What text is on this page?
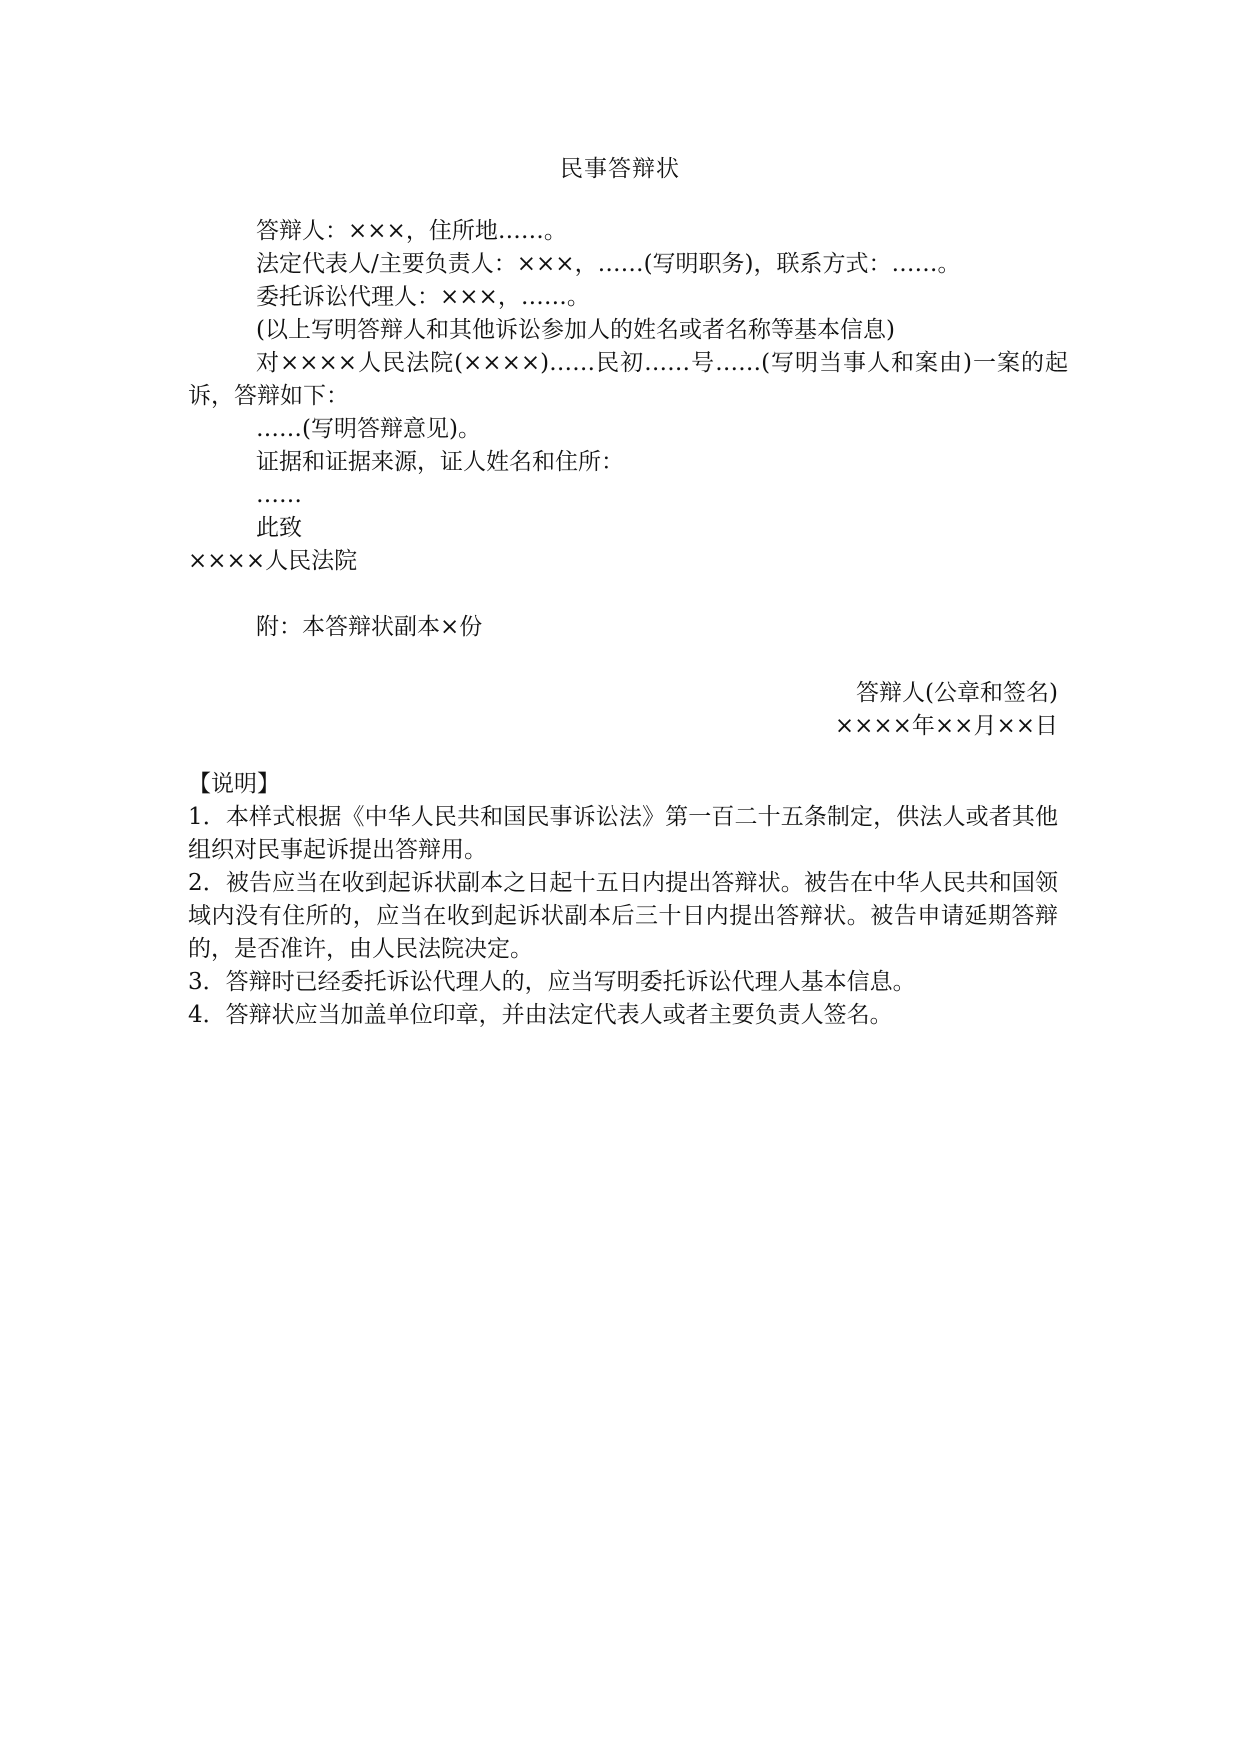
民事答辩状
答辩人：×××，住所地……。
法定代表人/主要负责人：×××，……(写明职务)，联系方式：……。
委托诉讼代理人：×××，……。
(以上写明答辩人和其他诉讼参加人的姓名或者名称等基本信息)
对××××人民法院(××××)……民初……号……(写明当事人和案由)一案的起诉，答辩如下：
……(写明答辩意见)。
证据和证据来源，证人姓名和住所：
……
此致
××××人民法院
附：本答辩状副本×份
答辩人(公章和签名)
××××年××月××日
【说明】
1．本样式根据《中华人民共和国民事诉讼法》第一百二十五条制定，供法人或者其他组织对民事起诉提出答辩用。
2．被告应当在收到起诉状副本之日起十五日内提出答辩状。被告在中华人民共和国领域内没有住所的，应当在收到起诉状副本后三十日内提出答辩状。被告申请延期答辩的，是否准许，由人民法院决定。
3．答辩时已经委托诉讼代理人的，应当写明委托诉讼代理人基本信息。
4．答辩状应当加盖单位印章，并由法定代表人或者主要负责人签名。
